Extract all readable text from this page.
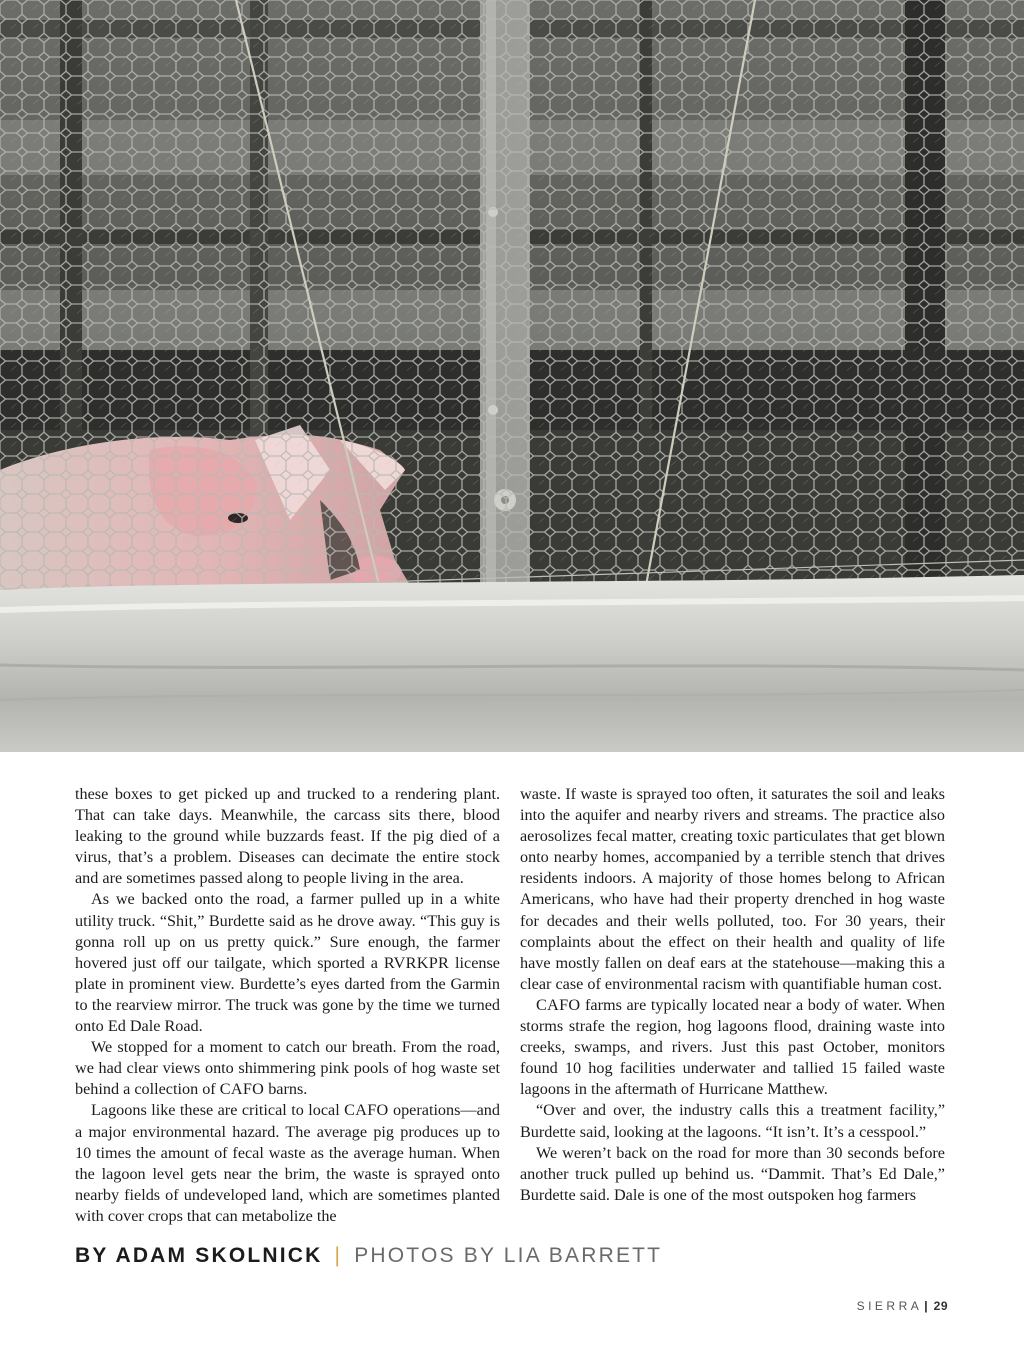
these boxes to get picked up and trucked to a rendering plant. That can take days. Meanwhile, the carcass sits there, blood leaking to the ground while buzzards feast. If the pig died of a virus, that’s a problem. Diseases can decimate the entire stock and are sometimes passed along to people living in the area.

As we backed onto the road, a farmer pulled up in a white utility truck. “Shit,” Burdette said as he drove away. “This guy is gonna roll up on us pretty quick.” Sure enough, the farmer hovered just off our tailgate, which sported a RVRKPR license plate in prominent view. Burdette’s eyes darted from the Garmin to the rearview mirror. The truck was gone by the time we turned onto Ed Dale Road.

We stopped for a moment to catch our breath. From the road, we had clear views onto shimmering pink pools of hog waste set behind a collection of CAFO barns.

Lagoons like these are critical to local CAFO operations—and a major environmental hazard. The average pig produces up to 10 times the amount of fecal waste as the average human. When the lagoon level gets near the brim, the waste is sprayed onto nearby fields of undeveloped land, which are sometimes planted with cover crops that can metabolize the

waste. If waste is sprayed too often, it saturates the soil and leaks into the aquifer and nearby rivers and streams. The practice also aerosolizes fecal matter, creating toxic particulates that get blown onto nearby homes, accompanied by a terrible stench that drives residents indoors. A majority of those homes belong to African Americans, who have had their property drenched in hog waste for decades and their wells polluted, too. For 30 years, their complaints about the effect on their health and quality of life have mostly fallen on deaf ears at the statehouse—making this a clear case of environmental racism with quantifiable human cost.

CAFO farms are typically located near a body of water. When storms strafe the region, hog lagoons flood, draining waste into creeks, swamps, and rivers. Just this past October, monitors found 10 hog facilities underwater and tallied 15 failed waste lagoons in the aftermath of Hurricane Matthew.

“Over and over, the industry calls this a treatment facility,” Burdette said, looking at the lagoons. “It isn’t. It’s a cesspool.”

We weren’t back on the road for more than 30 seconds before another truck pulled up behind us. “Dammit. That’s Ed Dale,” Burdette said. Dale is one of the most outspoken hog farmers

BY ADAM SKOLNICK | PHOTOS BY LIA BARRETT
SIERRA | 29
